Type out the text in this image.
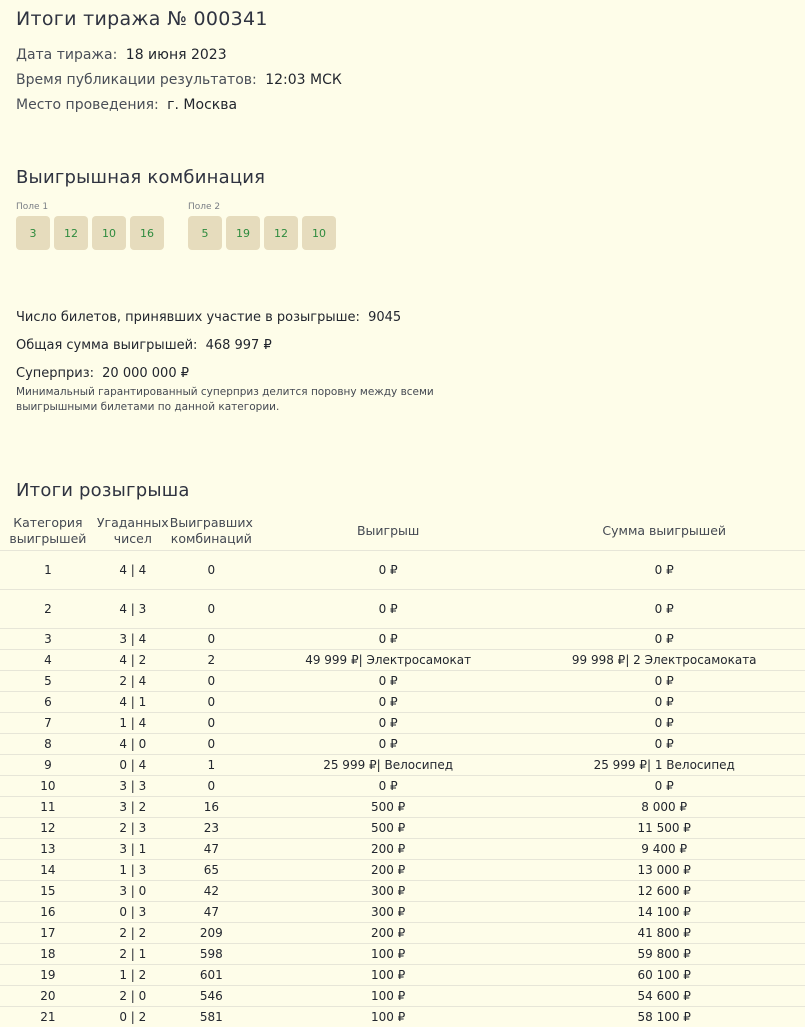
Итоги тиража № 000341
Дата тиража: 18 июня 2023
Время публикации результатов: 12:03 МСК
Место проведения: г. Москва
Выигрышная комбинация
Поле 1
3	12	10	16
Поле 2
5	19	12	10
Число билетов, принявших участие в розыгрыше: 9045
Общая сумма выигрышей: 468 997 ₽
Суперприз: 20 000 000 ₽
Минимальный гарантированный суперприз делится поровну между всеми выигрышными билетами по данной категории.
Итоги розыгрыша
Категория выигрышей	Угаданных чисел	Выигравших комбинаций	Выигрыш	Сумма выигрышей
1	4 | 4	0	0 ₽	0 ₽
2	4 | 3	0	0 ₽	0 ₽
3	3 | 4	0	0 ₽	0 ₽
4	4 | 2	2	49 999 ₽| Электросамокат	99 998 ₽| 2 Электросамоката
5	2 | 4	0	0 ₽	0 ₽
6	4 | 1	0	0 ₽	0 ₽
7	1 | 4	0	0 ₽	0 ₽
8	4 | 0	0	0 ₽	0 ₽
9	0 | 4	1	25 999 ₽| Велосипед	25 999 ₽| 1 Велосипед
10	3 | 3	0	0 ₽	0 ₽
11	3 | 2	16	500 ₽	8 000 ₽
12	2 | 3	23	500 ₽	11 500 ₽
13	3 | 1	47	200 ₽	9 400 ₽
14	1 | 3	65	200 ₽	13 000 ₽
15	3 | 0	42	300 ₽	12 600 ₽
16	0 | 3	47	300 ₽	14 100 ₽
17	2 | 2	209	200 ₽	41 800 ₽
18	2 | 1	598	100 ₽	59 800 ₽
19	1 | 2	601	100 ₽	60 100 ₽
20	2 | 0	546	100 ₽	54 600 ₽
21	0 | 2	581	100 ₽	58 100 ₽
